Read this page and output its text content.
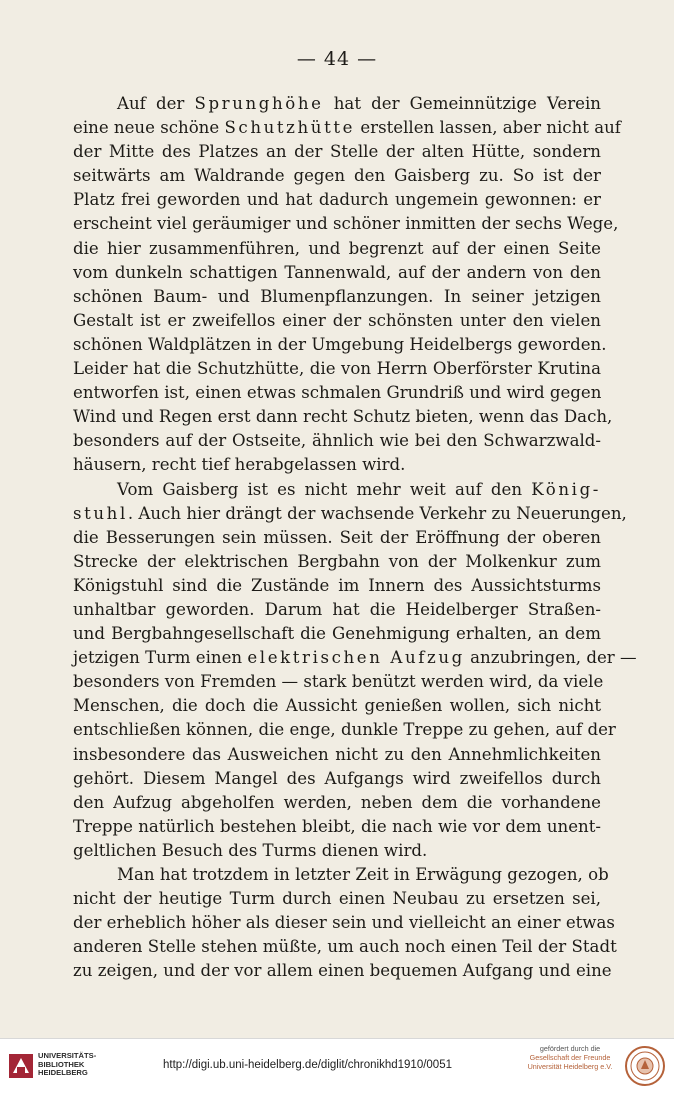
— 44 —
Auf der Sprunghöhe hat der Gemeinnützige Verein
eine neue schöne Schutzhütte erstellen lassen, aber nicht auf
der Mitte des Platzes an der Stelle der alten Hütte, sondern
seitwärts am Waldrande gegen den Gaisberg zu. So ist der
Platz frei geworden und hat dadurch ungemein gewonnen: er
erscheint viel geräumiger und schöner inmitten der sechs Wege,
die hier zusammenführen, und begrenzt auf der einen Seite
vom dunkeln schattigen Tannenwald, auf der andern von den
schönen Baum- und Blumenpflanzungen. In seiner jetzigen
Gestalt ist er zweifellos einer der schönsten unter den vielen
schönen Waldplätzen in der Umgebung Heidelbergs geworden.
Leider hat die Schutzhütte, die von Herrn Oberförster Krutina
entworfen ist, einen etwas schmalen Grundriß und wird gegen
Wind und Regen erst dann recht Schutz bieten, wenn das Dach,
besonders auf der Ostseite, ähnlich wie bei den Schwarzwald-
häusern, recht tief herabgelassen wird.
Vom Gaisberg ist es nicht mehr weit auf den König-
stuhl. Auch hier drängt der wachsende Verkehr zu Neuerungen,
die Besserungen sein müssen. Seit der Eröffnung der oberen
Strecke der elektrischen Bergbahn von der Molkenkur zum
Königstuhl sind die Zustände im Innern des Aussichtsturms
unhaltbar geworden. Darum hat die Heidelberger Straßen-
und Bergbahngesellschaft die Genehmigung erhalten, an dem
jetzigen Turm einen elektrischen Aufzug anzubringen, der —
besonders von Fremden — stark benützt werden wird, da viele
Menschen, die doch die Aussicht genießen wollen, sich nicht
entschließen können, die enge, dunkle Treppe zu gehen, auf der
insbesondere das Ausweichen nicht zu den Annehmlichkeiten
gehört. Diesem Mangel des Aufgangs wird zweifellos durch
den Aufzug abgeholfen werden, neben dem die vorhandene
Treppe natürlich bestehen bleibt, die nach wie vor dem unent-
geltlichen Besuch des Turms dienen wird.
Man hat trotzdem in letzter Zeit in Erwägung gezogen, ob
nicht der heutige Turm durch einen Neubau zu ersetzen sei,
der erheblich höher als dieser sein und vielleicht an einer etwas
anderen Stelle stehen müßte, um auch noch einen Teil der Stadt
zu zeigen, und der vor allem einen bequemen Aufgang und eine
UNIVERSITÄTS-
BIBLIOTHEK
HEIDELBERG
http://digi.ub.uni-heidelberg.de/diglit/chronikhd1910/0051
gefördert durch die
Gesellschaft der Freunde
Universität Heidelberg e.V.
